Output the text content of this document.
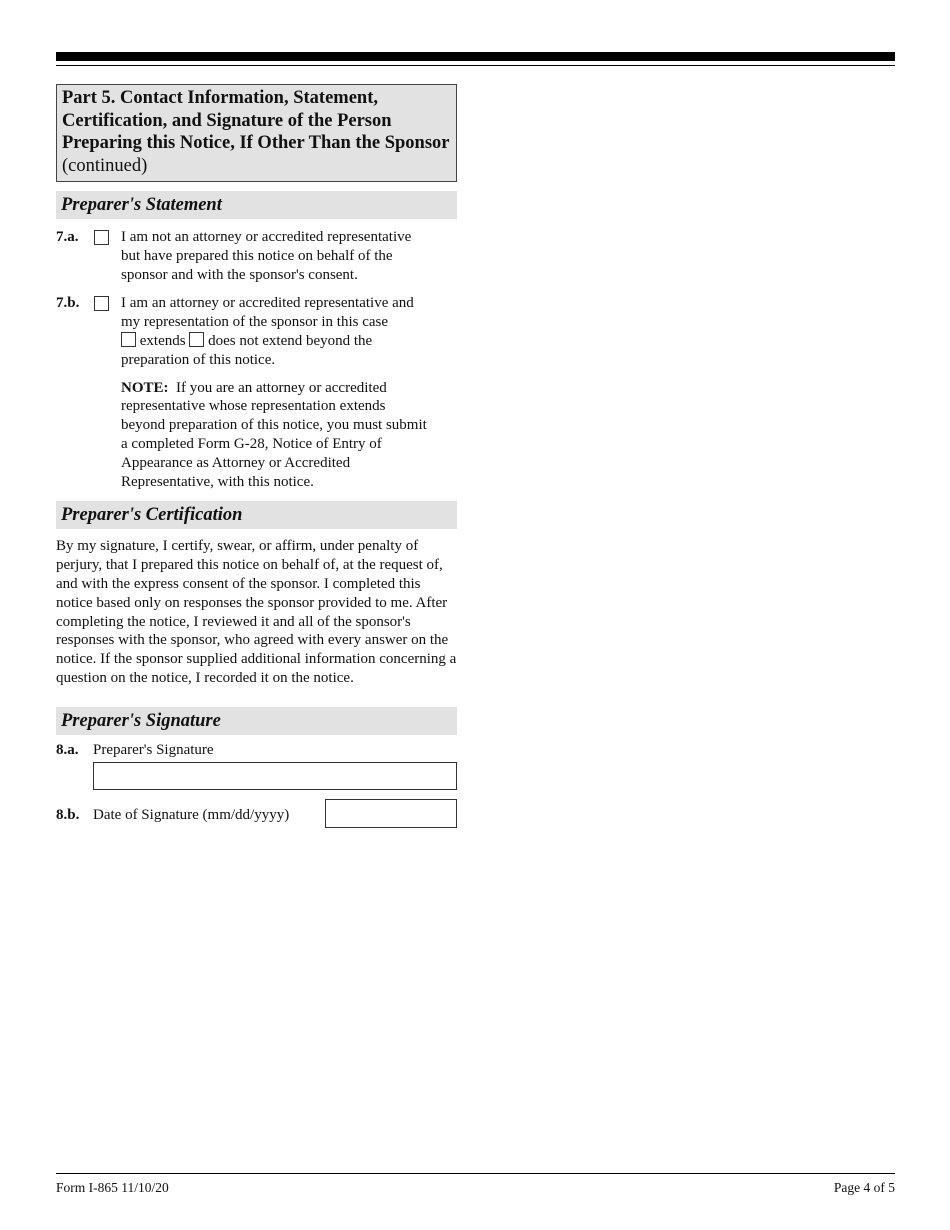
Part 5. Contact Information, Statement, Certification, and Signature of the Person Preparing this Notice, If Other Than the Sponsor
(continued)
Preparer's Statement
7.a.	I am not an attorney or accredited representative but have prepared this notice on behalf of the sponsor and with the sponsor's consent.
7.b.	I am an attorney or accredited representative and my representation of the sponsor in this case
extends does not extend beyond the preparation of this notice.
NOTE: If you are an attorney or accredited representative whose representation extends beyond preparation of this notice, you must submit a completed Form G-28, Notice of Entry of Appearance as Attorney or Accredited Representative, with this notice.
Preparer's Certification
By my signature, I certify, swear, or affirm, under penalty of perjury, that I prepared this notice on behalf of, at the request of, and with the express consent of the sponsor. I completed this notice based only on responses the sponsor provided to me. After completing the notice, I reviewed it and all of the sponsor's responses with the sponsor, who agreed with every answer on the notice. If the sponsor supplied additional information concerning a question on the notice, I recorded it on the notice.
Preparer's Signature
8.a. Preparer's Signature
8.b. Date of Signature (mm/dd/yyyy)
Form I-865 11/10/20	Page 4 of 5
